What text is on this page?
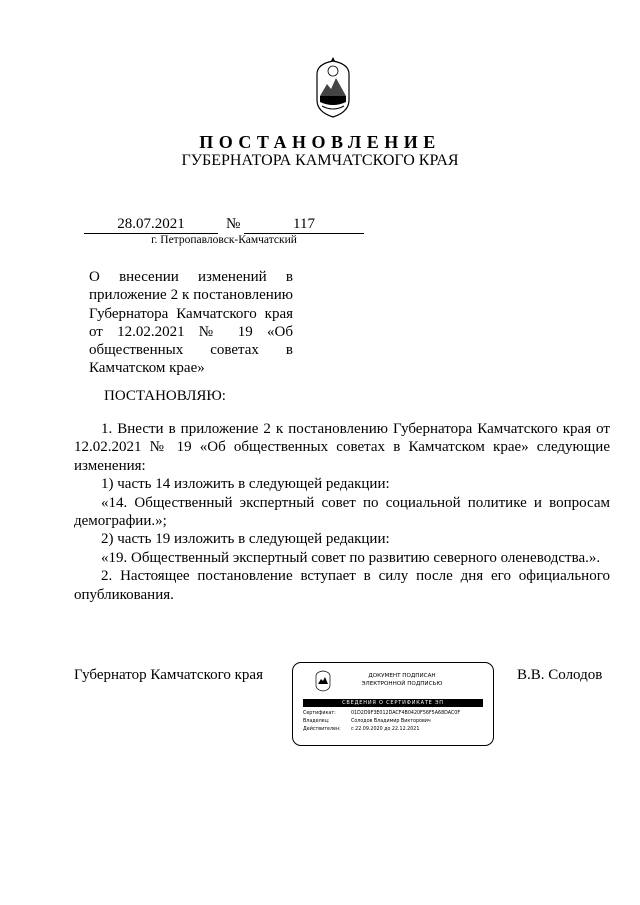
ПОСТАНОВЛЕНИЕ
ГУБЕРНАТОРА КАМЧАТСКОГО КРАЯ
28.07.2021	№	117
г. Петропавловск-Камчатский
О внесении изменений в
приложение 2 к постановлению
Губернатора Камчатского края
от 12.02.2021 № 19 «Об
общественных советах в
Камчатском крае»
ПОСТАНОВЛЯЮ:

1. Внести в приложение 2 к постановлению Губернатора Камчатского края от 12.02.2021 № 19 «Об общественных советах в Камчатском крае» следующие изменения:

1) часть 14 изложить в следующей редакции:

«14. Общественный экспертный совет по социальной политике и вопросам демографии.»;

2) часть 19 изложить в следующей редакции:

«19. Общественный экспертный совет по развитию северного оленеводства.».

2. Настоящее постановление вступает в силу после дня его официального опубликования.

Губернатор Камчатского края	В.В. Солодов
ДОКУМЕНТ ПОДПИСАН
ЭЛЕКТРОННОЙ ПОДПИСЬЮ
СВЕДЕНИЯ О СЕРТИФИКАТЕ ЭП
Сертификат:	01D2D9F3E012DACF4B0420F56F5A68DAC0F
Владелец:	Солодов Владимир Викторович
Действителен: с 22.09.2020 до 22.12.2021
